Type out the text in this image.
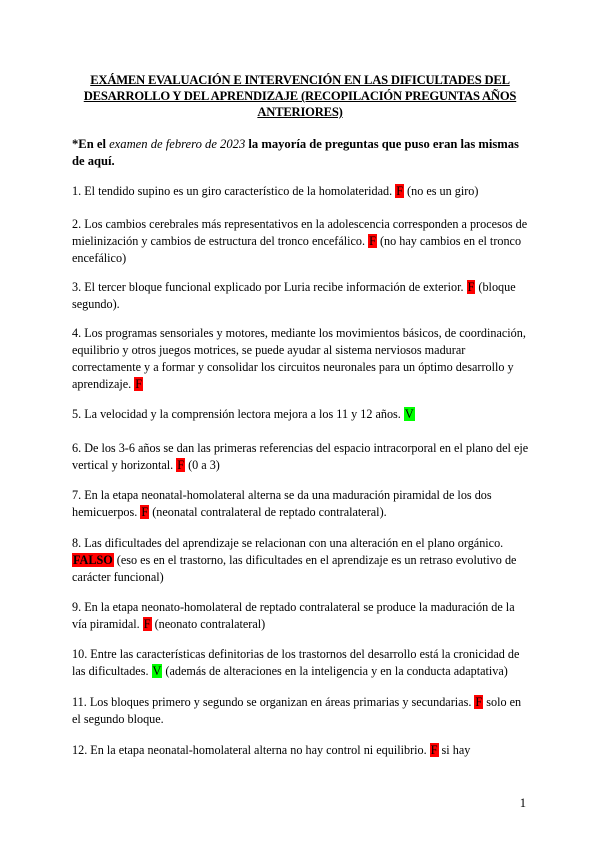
EXÁMEN EVALUACIÓN E INTERVENCIÓN EN LAS DIFICULTADES DEL DESARROLLO Y DEL APRENDIZAJE (RECOPILACIÓN PREGUNTAS AÑOS ANTERIORES)
*En el examen de febrero de 2023 la mayoría de preguntas que puso eran las mismas de aquí.
1. El tendido supino es un giro característico de la homolateridad. F (no es un giro)
2. Los cambios cerebrales más representativos en la adolescencia corresponden a procesos de mielinización y cambios de estructura del tronco encefálico. F (no hay cambios en el tronco encefálico)
3. El tercer bloque funcional explicado por Luria recibe información de exterior. F (bloque segundo).
4. Los programas sensoriales y motores, mediante los movimientos básicos, de coordinación, equilibrio y otros juegos motrices, se puede ayudar al sistema nerviosos madurar correctamente y a formar y consolidar los circuitos neuronales para un óptimo desarrollo y aprendizaje. F
5. La velocidad y la comprensión lectora mejora a los 11 y 12 años. V
6. De los 3-6 años se dan las primeras referencias del espacio intracorporal en el plano del eje vertical y horizontal. F (0 a 3)
7. En la etapa neonatal-homolateral alterna se da una maduración piramidal de los dos hemicuerpos. F (neonatal contralateral de reptado contralateral).
8. Las dificultades del aprendizaje se relacionan con una alteración en el plano orgánico. FALSO (eso es en el trastorno, las dificultades en el aprendizaje es un retraso evolutivo de carácter funcional)
9. En la etapa neonato-homolateral de reptado contralateral se produce la maduración de la vía piramidal. F (neonato contralateral)
10. Entre las características definitorias de los trastornos del desarrollo está la cronicidad de las dificultades. V (además de alteraciones en la inteligencia y en la conducta adaptativa)
11. Los bloques primero y segundo se organizan en áreas primarias y secundarias. F solo en el segundo bloque.
12. En la etapa neonatal-homolateral alterna no hay control ni equilibrio. F si hay
1
